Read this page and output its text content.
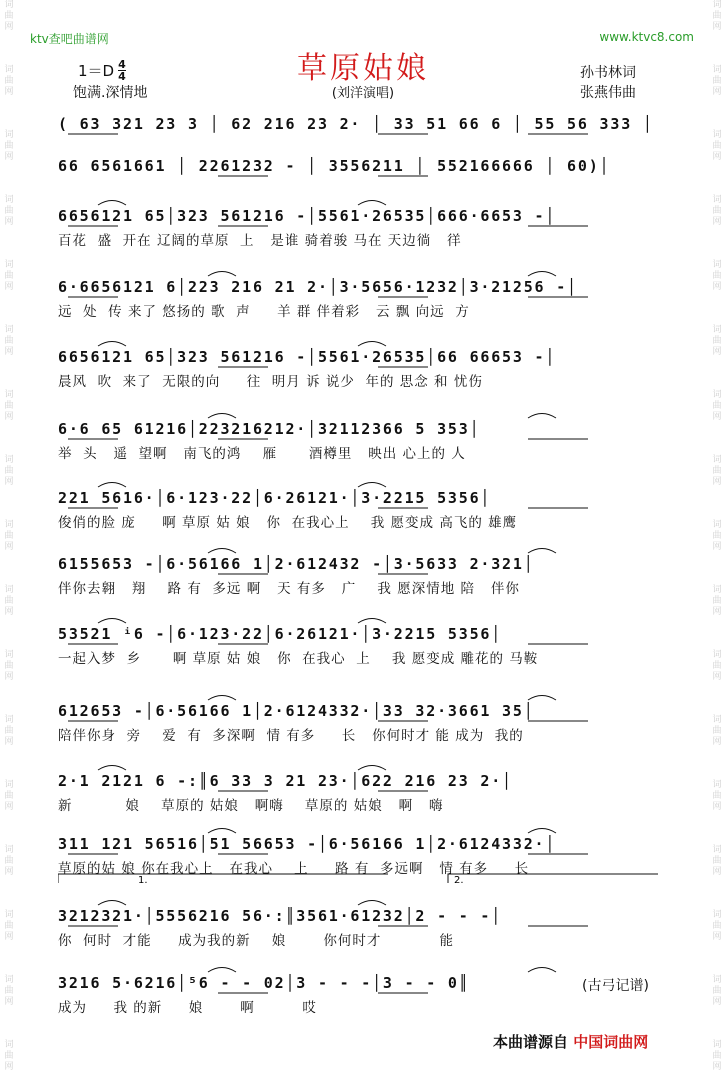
词
曲
网
词
曲
网
词
曲
网
词
曲
网
词
曲
网
词
曲
网
词
曲
网
词
曲
网
词
曲
网
词
曲
网
词
曲
网
词
曲
网
词
曲
网
词
曲
网
词
曲
网
词
曲
网
词
曲
网
词
曲
网
词
曲
网
词
曲
网
词
曲
网
词
曲
网
词
曲
网
词
曲
网
词
曲
网
词
曲
网
词
曲
网
词
曲
网
词
曲
网
词
曲
网
词
曲
网
词
曲
网
词
曲
网
词
曲
网
ktv查吧曲谱网	www.ktvc8.com
$1=D \frac{4}{4}$
饱满.深情地
草原姑娘
(刘洋演唱)
孙书林词
张燕伟曲
( 63 321 23 3 │ 62 216 23 2· │ 33 51 66 6 │ 55 56 333 │
66 6561661 │ 2261232 - │ 3556211 │ 552166666 │ 60)│
6656121 65│323 561216 -│5561·26535│666·6653 -│
百花  盛  开在 辽阔的草原  上   是谁 骑着骏 马在 天边徜   徉
6·6656121 6│223 216 21 2·│3·5656·1232│3·21256 -│
远  处  传 来了 悠扬的 歌  声     羊 群 伴着彩   云 飘 向远  方
6656121 65│323 561216 -│5561·26535│66 66653 -│
晨风  吹  来了  无限的向     往  明月 诉 说少  年的 思念 和 忧伤
6·6 65 61216│223216212·│32112366 5 353│
举  头   遥  望啊   南飞的鸿    雁      酒樽里   映出 心上的 人
221 5616·│6·123·22│6·26121·│3·2215 5356│
俊俏的脸 庞     啊 草原 姑 娘   你  在我心上    我 愿变成 高飞的 雄鹰
6155653 -│6·56166 1│2·612432 -│3·5633 2·321│
伴你去翱   翔    路 有  多远 啊   天 有多   广    我 愿深情地 陪   伴你
53521 ⁱ6 -│6·123·22│6·26121·│3·2215 5356│
一起入梦  乡      啊 草原 姑 娘   你  在我心  上    我 愿变成 雕花的 马鞍
612653 -│6·56166 1│2·6124332·│33 32·3661 35│
陪伴你身  旁    爱  有  多深啊  情 有多     长   你何时才 能 成为  我的
2·1 2121 6 -:║6 33 3 21 23·│622 216 23 2·│
新          娘    草原的 姑娘   啊嗨    草原的 姑娘   啊   嗨
311 121 56516│51 56653 -│6·56166 1│2·6124332·│
草原的姑 娘 你在我心上   在我心    上     路 有  多远啊   情 有多     长
3212321·│5556216 56·:║3561·61232│2 - - -│
你  何时  才能     成为我的新    娘       你何时才           能
3216 5·6216│⁵6 - - 02│3 - - -│3 - - 0║
成为     我 的新     娘       啊         哎
1.	2.
(古弓记谱)
本曲谱源自 中国词曲网
